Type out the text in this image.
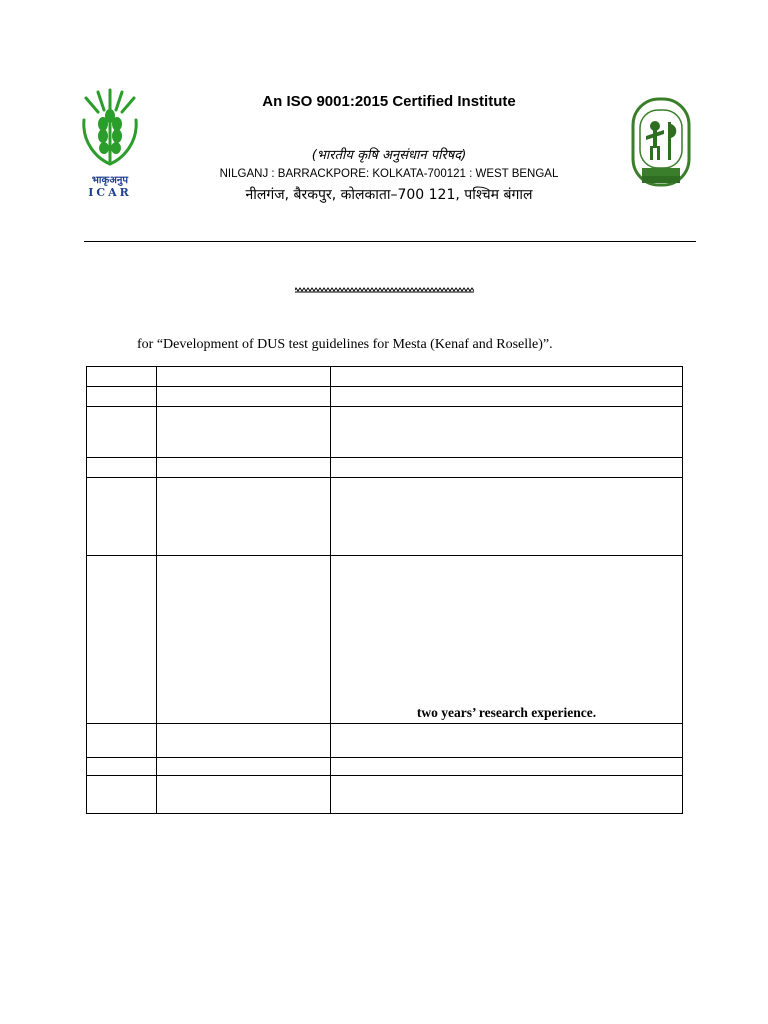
भाकृअनुप
ICAR
An ISO 9001:2015 Certified Institute
(भारतीय कृषि अनुसंधान परिषद)
NILGANJ : BARRACKPORE: KOLKATA-700121 : WEST BENGAL
नीलगंज, बैरकपुर, कोलकाता–700 121, पश्चिम बंगाल
for “Development of DUS test guidelines for Mesta (Kenaf and Roselle)”.

		two years’ research experience.
